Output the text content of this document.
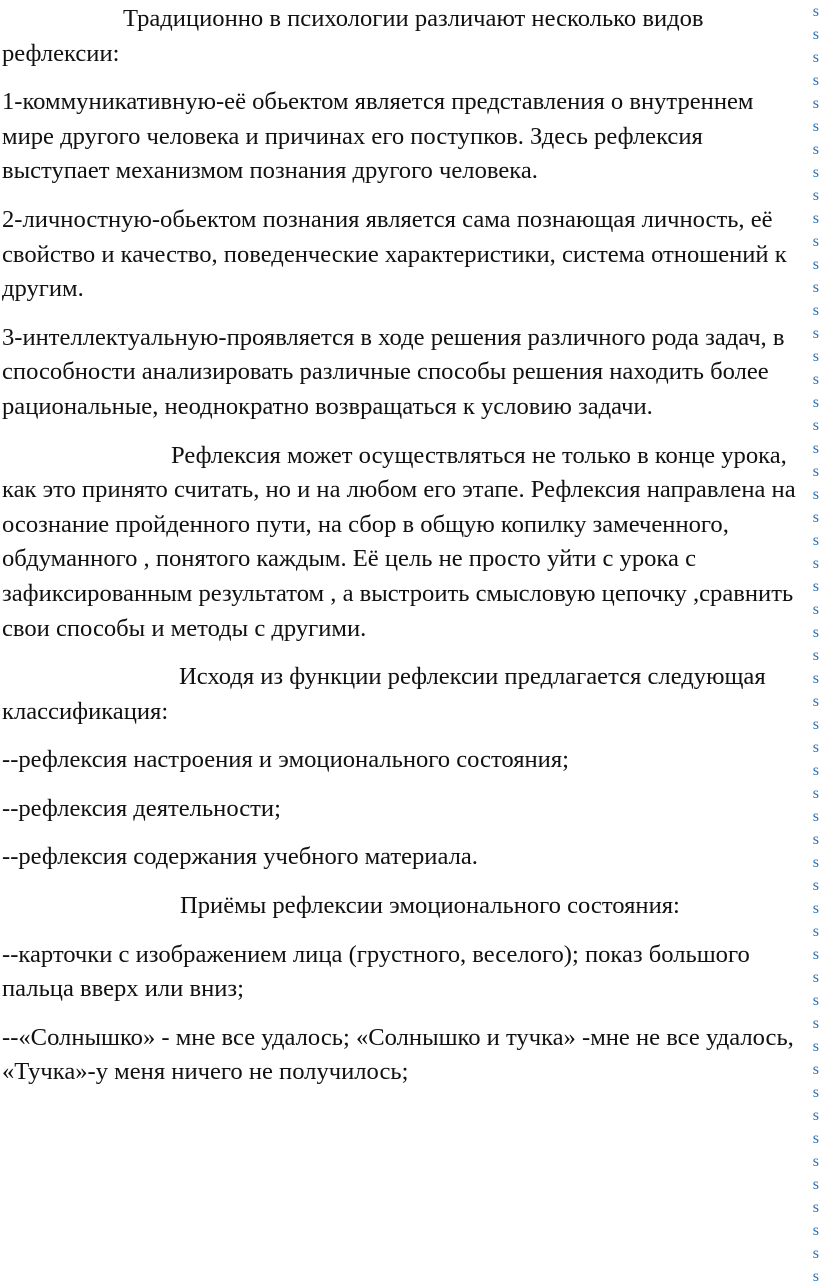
Традиционно в психологии различают несколько видов рефлексии:

1-коммуникативную-её обьектом является представления о внутреннем мире другого человека и причинах его поступков. Здесь рефлексия выступает механизмом познания другого человека.

2-личностную-обьектом познания является сама познающая личность, её свойство и качество, поведенческие характеристики, система отношений к другим.

3-интеллектуальную-проявляется в ходе решения различного рода задач, в способности анализировать различные способы решения находить более рациональные, неоднократно возвращаться к условию задачи.

Рефлексия может осуществляться не только в конце урока, как это принято считать, но и на любом его этапе. Рефлексия направлена на осознание пройденного пути, на сбор в общую копилку замеченного, обдуманного , понятого каждым. Её цель не просто уйти с урока с зафиксированным результатом , а выстроить смысловую цепочку ,сравнить свои способы и методы с другими.

Исходя из функции рефлексии предлагается следующая классификация:

--рефлексия настроения и эмоционального состояния;

--рефлексия деятельности;

--рефлексия содержания учебного материала.

Приёмы рефлексии эмоционального состояния:

--карточки с изображением лица (грустного, веселого); показ большого пальца вверх или вниз;

--«Солнышко» - мне все удалось; «Солнышко и тучка» -мне не все удалось, «Тучка»-у меня ничего не получилось;

s
s
s
s
s
s
s
s
s
s
s
s
s
s
s
s
s
s
s
s
s
s
s
s
s
s
s
s
s
s
s
s
s
s
s
s
s
s
s
s
s
s
s
s
s
s
s
s
s
s
s
s
s
s
s
s
